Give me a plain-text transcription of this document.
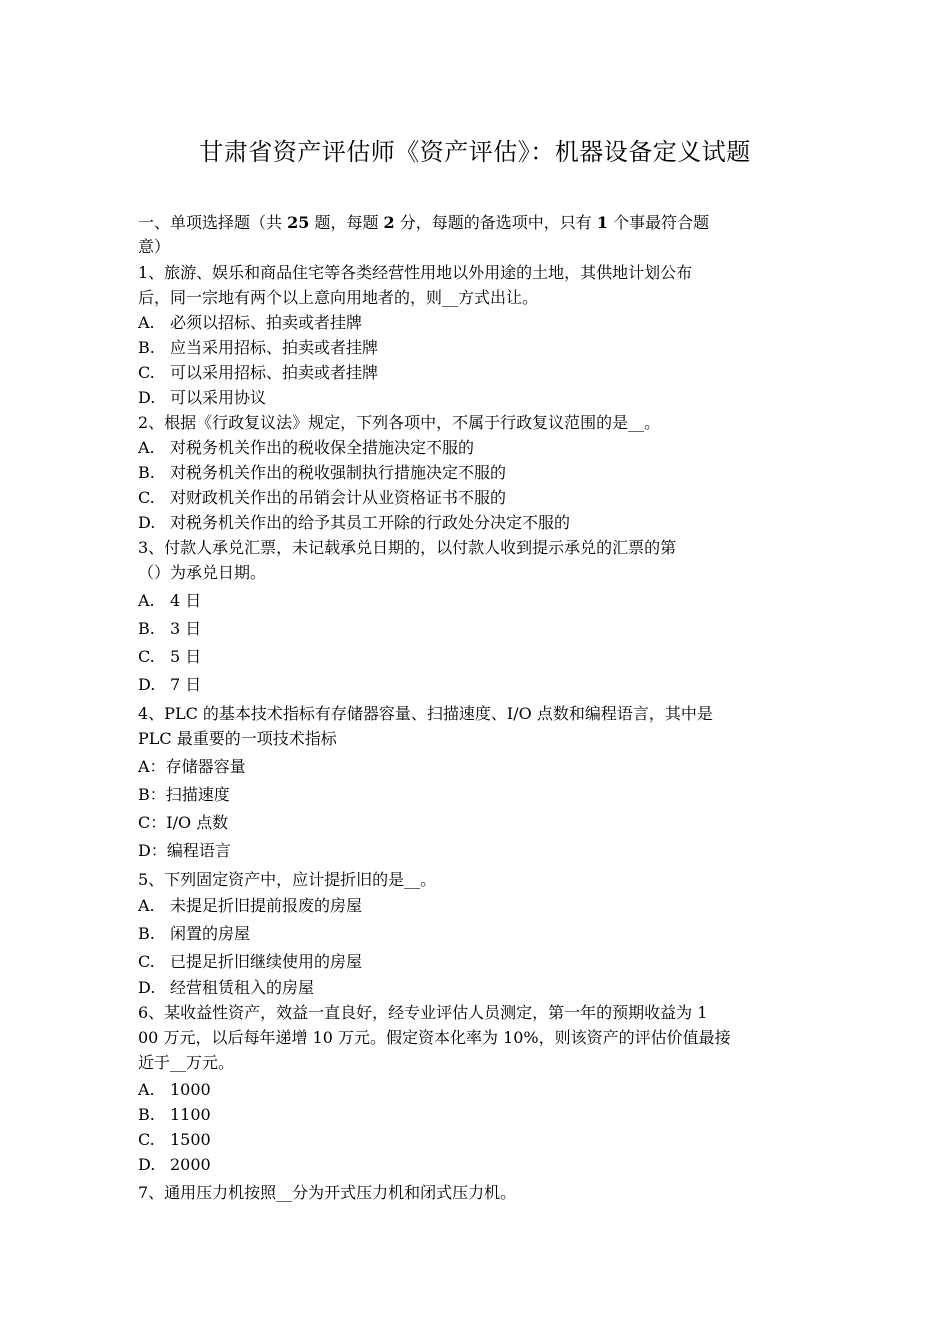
甘肃省资产评估师《资产评估》：机器设备定义试题
一、单项选择题（共 25 题，每题 2 分，每题的备选项中，只有 1 个事最符合题
意）
1、旅游、娱乐和商品住宅等各类经营性用地以外用途的土地，其供地计划公布
后，同一宗地有两个以上意向用地者的，则__方式出让。
A. 必须以招标、拍卖或者挂牌
B. 应当采用招标、拍卖或者挂牌
C. 可以采用招标、拍卖或者挂牌
D. 可以采用协议
2、根据《行政复议法》规定，下列各项中，不属于行政复议范围的是__。
A. 对税务机关作出的税收保全措施决定不服的
B. 对税务机关作出的税收强制执行措施决定不服的
C. 对财政机关作出的吊销会计从业资格证书不服的
D. 对税务机关作出的给予其员工开除的行政处分决定不服的
3、付款人承兑汇票，未记载承兑日期的，以付款人收到提示承兑的汇票的第
（）为承兑日期。
A. 4 日
B. 3 日
C. 5 日
D. 7 日
4、PLC 的基本技术指标有存储器容量、扫描速度、I/O 点数和编程语言，其中是
PLC 最重要的一项技术指标
A：存储器容量
B：扫描速度
C：I/O 点数
D：编程语言
5、下列固定资产中，应计提折旧的是__。
A. 未提足折旧提前报废的房屋
B. 闲置的房屋
C. 已提足折旧继续使用的房屋
D. 经营租赁租入的房屋
6、某收益性资产，效益一直良好，经专业评估人员测定，第一年的预期收益为 1
00 万元，以后每年递增 10 万元。假定资本化率为 10%，则该资产的评估价值最接
近于__万元。
A. 1000
B. 1100
C. 1500
D. 2000
7、通用压力机按照__分为开式压力机和闭式压力机。
